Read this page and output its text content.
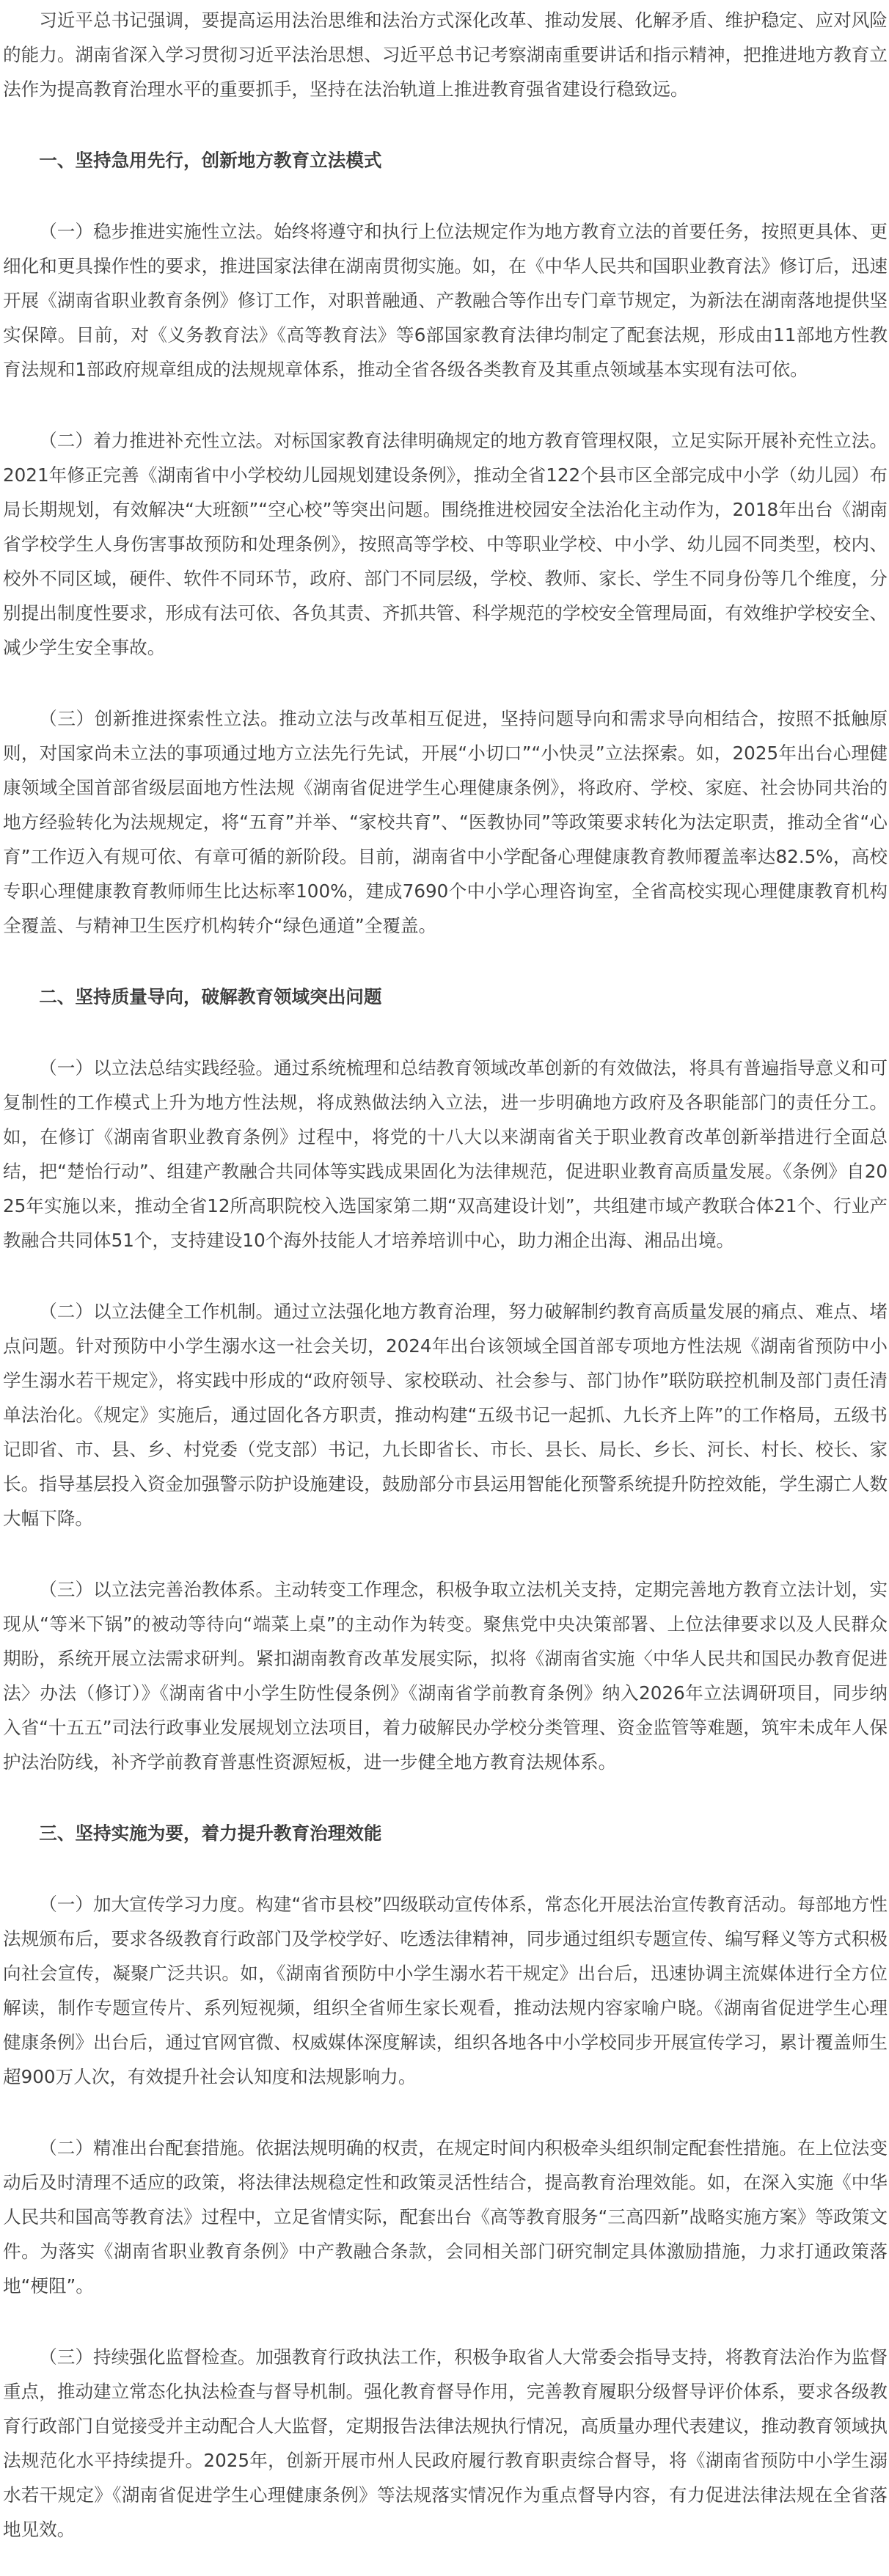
习近平总书记强调，要提高运用法治思维和法治方式深化改革、推动发展、化解矛盾、维护稳定、应对风险的能力。湖南省深入学习贯彻习近平法治思想、习近平总书记考察湖南重要讲话和指示精神，把推进地方教育立法作为提高教育治理水平的重要抓手，坚持在法治轨道上推进教育强省建设行稳致远。

一、坚持急用先行，创新地方教育立法模式

（一）稳步推进实施性立法。始终将遵守和执行上位法规定作为地方教育立法的首要任务，按照更具体、更细化和更具操作性的要求，推进国家法律在湖南贯彻实施。如，在《中华人民共和国职业教育法》修订后，迅速开展《湖南省职业教育条例》修订工作，对职普融通、产教融合等作出专门章节规定，为新法在湖南落地提供坚实保障。目前，对《义务教育法》《高等教育法》等6部国家教育法律均制定了配套法规，形成由11部地方性教育法规和1部政府规章组成的法规规章体系，推动全省各级各类教育及其重点领域基本实现有法可依。

（二）着力推进补充性立法。对标国家教育法律明确规定的地方教育管理权限，立足实际开展补充性立法。2021年修正完善《湖南省中小学校幼儿园规划建设条例》，推动全省122个县市区全部完成中小学（幼儿园）布局长期规划，有效解决“大班额”“空心校”等突出问题。围绕推进校园安全法治化主动作为，2018年出台《湖南省学校学生人身伤害事故预防和处理条例》，按照高等学校、中等职业学校、中小学、幼儿园不同类型，校内、校外不同区域，硬件、软件不同环节，政府、部门不同层级，学校、教师、家长、学生不同身份等几个维度，分别提出制度性要求，形成有法可依、各负其责、齐抓共管、科学规范的学校安全管理局面，有效维护学校安全、减少学生安全事故。

（三）创新推进探索性立法。推动立法与改革相互促进，坚持问题导向和需求导向相结合，按照不抵触原则，对国家尚未立法的事项通过地方立法先行先试，开展“小切口”“小快灵”立法探索。如，2025年出台心理健康领域全国首部省级层面地方性法规《湖南省促进学生心理健康条例》，将政府、学校、家庭、社会协同共治的地方经验转化为法规规定，将“五育”并举、“家校共育”、“医教协同”等政策要求转化为法定职责，推动全省“心育”工作迈入有规可依、有章可循的新阶段。目前，湖南省中小学配备心理健康教育教师覆盖率达82.5%，高校专职心理健康教育教师师生比达标率100%，建成7690个中小学心理咨询室，全省高校实现心理健康教育机构全覆盖、与精神卫生医疗机构转介“绿色通道”全覆盖。

二、坚持质量导向，破解教育领域突出问题

（一）以立法总结实践经验。通过系统梳理和总结教育领域改革创新的有效做法，将具有普遍指导意义和可复制性的工作模式上升为地方性法规，将成熟做法纳入立法，进一步明确地方政府及各职能部门的责任分工。如，在修订《湖南省职业教育条例》过程中，将党的十八大以来湖南省关于职业教育改革创新举措进行全面总结，把“楚怡行动”、组建产教融合共同体等实践成果固化为法律规范，促进职业教育高质量发展。《条例》自2025年实施以来，推动全省12所高职院校入选国家第二期“双高建设计划”，共组建市域产教联合体21个、行业产教融合共同体51个，支持建设10个海外技能人才培养培训中心，助力湘企出海、湘品出境。

（二）以立法健全工作机制。通过立法强化地方教育治理，努力破解制约教育高质量发展的痛点、难点、堵点问题。针对预防中小学生溺水这一社会关切，2024年出台该领域全国首部专项地方性法规《湖南省预防中小学生溺水若干规定》，将实践中形成的“政府领导、家校联动、社会参与、部门协作”联防联控机制及部门责任清单法治化。《规定》实施后，通过固化各方职责，推动构建“五级书记一起抓、九长齐上阵”的工作格局，五级书记即省、市、县、乡、村党委（党支部）书记，九长即省长、市长、县长、局长、乡长、河长、村长、校长、家长。指导基层投入资金加强警示防护设施建设，鼓励部分市县运用智能化预警系统提升防控效能，学生溺亡人数大幅下降。

（三）以立法完善治教体系。主动转变工作理念，积极争取立法机关支持，定期完善地方教育立法计划，实现从“等米下锅”的被动等待向“端菜上桌”的主动作为转变。聚焦党中央决策部署、上位法律要求以及人民群众期盼，系统开展立法需求研判。紧扣湖南教育改革发展实际，拟将《湖南省实施〈中华人民共和国民办教育促进法〉办法（修订）》《湖南省中小学生防性侵条例》《湖南省学前教育条例》纳入2026年立法调研项目，同步纳入省“十五五”司法行政事业发展规划立法项目，着力破解民办学校分类管理、资金监管等难题，筑牢未成年人保护法治防线，补齐学前教育普惠性资源短板，进一步健全地方教育法规体系。

三、坚持实施为要，着力提升教育治理效能

（一）加大宣传学习力度。构建“省市县校”四级联动宣传体系，常态化开展法治宣传教育活动。每部地方性法规颁布后，要求各级教育行政部门及学校学好、吃透法律精神，同步通过组织专题宣传、编写释义等方式积极向社会宣传，凝聚广泛共识。如，《湖南省预防中小学生溺水若干规定》出台后，迅速协调主流媒体进行全方位解读，制作专题宣传片、系列短视频，组织全省师生家长观看，推动法规内容家喻户晓。《湖南省促进学生心理健康条例》出台后，通过官网官微、权威媒体深度解读，组织各地各中小学校同步开展宣传学习，累计覆盖师生超900万人次，有效提升社会认知度和法规影响力。

（二）精准出台配套措施。依据法规明确的权责，在规定时间内积极牵头组织制定配套性措施。在上位法变动后及时清理不适应的政策，将法律法规稳定性和政策灵活性结合，提高教育治理效能。如，在深入实施《中华人民共和国高等教育法》过程中，立足省情实际，配套出台《高等教育服务“三高四新”战略实施方案》等政策文件。为落实《湖南省职业教育条例》中产教融合条款，会同相关部门研究制定具体激励措施，力求打通政策落地“梗阻”。

（三）持续强化监督检查。加强教育行政执法工作，积极争取省人大常委会指导支持，将教育法治作为监督重点，推动建立常态化执法检查与督导机制。强化教育督导作用，完善教育履职分级督导评价体系，要求各级教育行政部门自觉接受并主动配合人大监督，定期报告法律法规执行情况，高质量办理代表建议，推动教育领域执法规范化水平持续提升。2025年，创新开展市州人民政府履行教育职责综合督导，将《湖南省预防中小学生溺水若干规定》《湖南省促进学生心理健康条例》等法规落实情况作为重点督导内容，有力促进法律法规在全省落地见效。
